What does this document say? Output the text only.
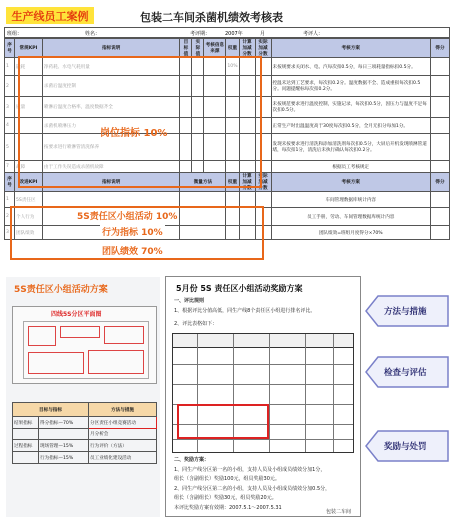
生产线员工案例	包装二车间杀菌机绩效考核表
班组：	姓名：	考评期：	2007年	月	考评人：
序号	常规KPI	指标说明	目标值	实际值	考核信息来源	权重	计算加减分数	实际加减分数	考核方案	得分
1	能耗	净药耗、水电气耗用量				10%			未按规要求关闭水、电、汽每次扣0.5分，每日三项耗量指标扣0.5分。	
2		杀菌后温度控制							控温未达到工艺要求，每次扣0.2分。温度数据不全、造成重损每次扣0.5分。问题提醒标每次扣0.2分。	
3	质量	喷淋后温度合格率，温度数据齐全							未按规范要求进行温度控制，实施记录，每次扣0.5分，因压力与温度不足每次扣0.5分。	
4		杀菌机喷淋压力							正常生产时出温温度高于30度每次扣0.5分，全月无扣分每加1分。	
5		按要求进行喷淋管清洗保养							发现未按要求进行清洗和添加清洗剂每次扣0.5分，大屏后开机发现喷淋管道堵，每次扣1分，清洗后未执行确认每次扣0.2分。	
7	故障	由于工作失误造成杀菌机故障							根据员工考核规定	
序号	改进KPI	指标说明	衡量方法			权重	计算加减分数	实际加减分数	考核方案	得分
1	5S责任区								车间管理数据库统计内容	
2	个人行为								员工手册，劳动、车间管理数据库统计内容	
3	团队绩效								团队绩效=班组月度得分×70%	
岗位指标 10%
5S责任区小组活动 10%
行为指标 10%
团队绩效 70%
5S责任区小组活动方案
四线5S分区平面图
目标与指标		方法与措施
结果指标	得分指标—70%	分区责任小组竞赛活动
		月分析会
过程指标	现场管理—15%	行为评价（方法）
	行为指标—15%	员工业绩化建设活动
5月份 5S 责任区小组活动奖励方案
一、评比规则
1、根据评比分值高低，同生产线8个责任区小组进行排名评比。
2、评比表格如下：
二、奖励方案：
1、同生产线分区第一名的小组，支持人员及小组成员绩效分加1分，
组长（含副组长）奖励100元，组员奖励30元。
2、同生产线分区第二名的小组，支持人员及小组成员绩效分加0.5分，
组长（含副组长）奖励30元，组员奖励20元。
本评比奖励方案有效期：2007.5.1～2007.5.31
包装二车间
方法与措施
检查与评估
奖励与处罚
